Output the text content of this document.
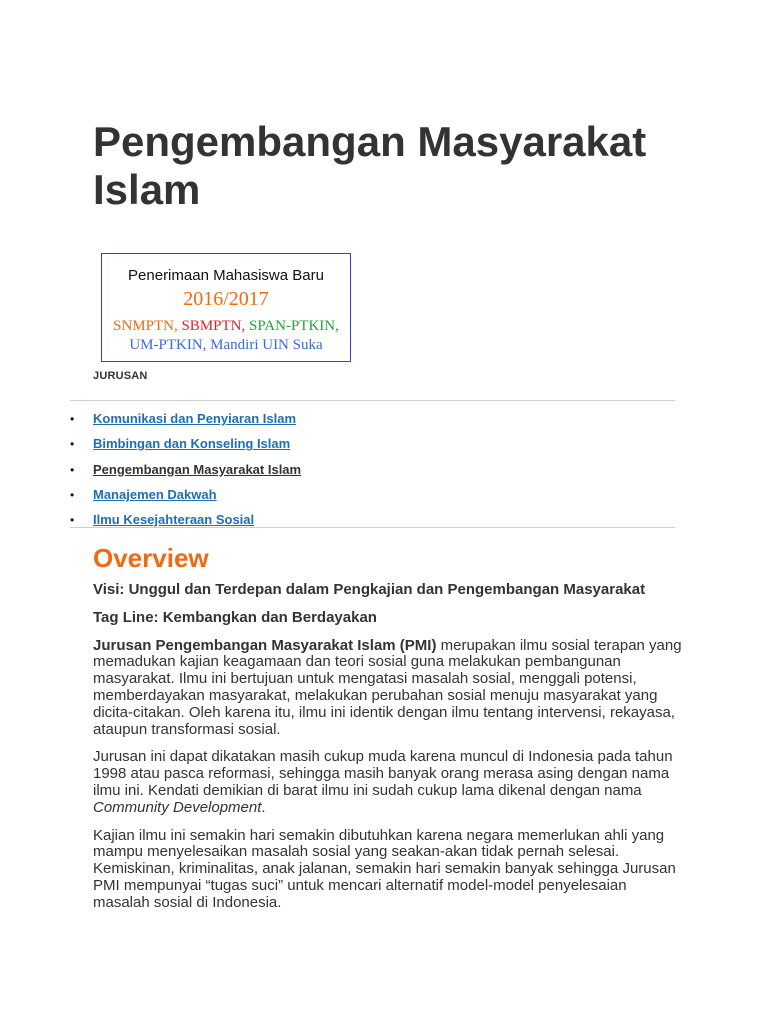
Pengembangan Masyarakat Islam
Penerimaan Mahasiswa Baru
2016/2017
SNMPTN, SBMPTN, SPAN-PTKIN,
UM-PTKIN, Mandiri UIN Suka
JURUSAN
• Komunikasi dan Penyiaran Islam
• Bimbingan dan Konseling Islam
• Pengembangan Masyarakat Islam
• Manajemen Dakwah
• Ilmu Kesejahteraan Sosial
Overview

Visi: Unggul dan Terdepan dalam Pengkajian dan Pengembangan Masyarakat

Tag Line: Kembangkan dan Berdayakan

Jurusan Pengembangan Masyarakat Islam (PMI) merupakan ilmu sosial terapan yang memadukan kajian keagamaan dan teori sosial guna melakukan pembangunan masyarakat. Ilmu ini bertujuan untuk mengatasi masalah sosial, menggali potensi, memberdayakan masyarakat, melakukan perubahan sosial menuju masyarakat yang dicita-citakan. Oleh karena itu, ilmu ini identik dengan ilmu tentang intervensi, rekayasa, ataupun transformasi sosial.

Jurusan ini dapat dikatakan masih cukup muda karena muncul di Indonesia pada tahun 1998 atau pasca reformasi, sehingga masih banyak orang merasa asing dengan nama ilmu ini. Kendati demikian di barat ilmu ini sudah cukup lama dikenal dengan nama Community Development.

Kajian ilmu ini semakin hari semakin dibutuhkan karena negara memerlukan ahli yang mampu menyelesaikan masalah sosial yang seakan-akan tidak pernah selesai. Kemiskinan, kriminalitas, anak jalanan, semakin hari semakin banyak sehingga Jurusan PMI mempunyai “tugas suci” untuk mencari alternatif model-model penyelesaian masalah sosial di Indonesia.
